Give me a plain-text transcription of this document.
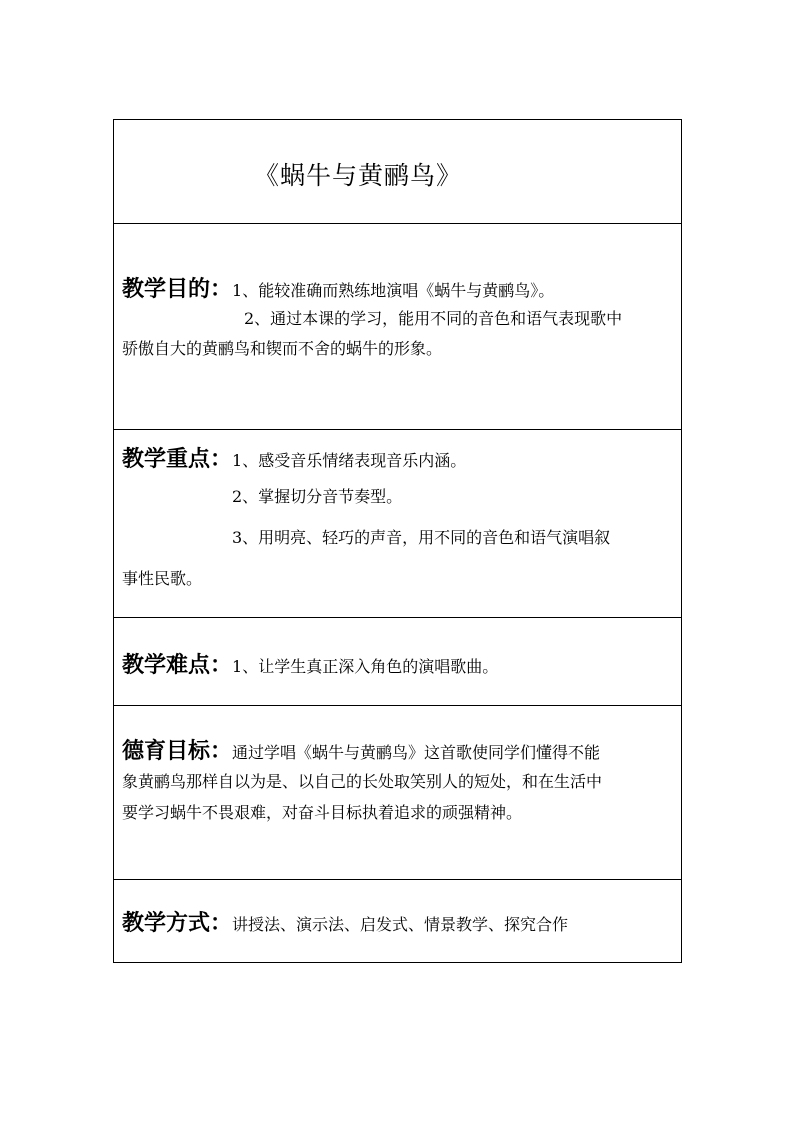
《蜗牛与黄鹂鸟》
教学目的：1、能较准确而熟练地演唱《蜗牛与黄鹂鸟》。
2、通过本课的学习，能用不同的音色和语气表现歌中
骄傲自大的黄鹂鸟和锲而不舍的蜗牛的形象。
教学重点：1、感受音乐情绪表现音乐内涵。
2、掌握切分音节奏型。
3、用明亮、轻巧的声音，用不同的音色和语气演唱叙
事性民歌。
教学难点：1、让学生真正深入角色的演唱歌曲。
德育目标：通过学唱《蜗牛与黄鹂鸟》这首歌使同学们懂得不能
象黄鹂鸟那样自以为是、以自己的长处取笑别人的短处，和在生活中
要学习蜗牛不畏艰难，对奋斗目标执着追求的顽强精神。
教学方式：讲授法、演示法、启发式、情景教学、探究合作
